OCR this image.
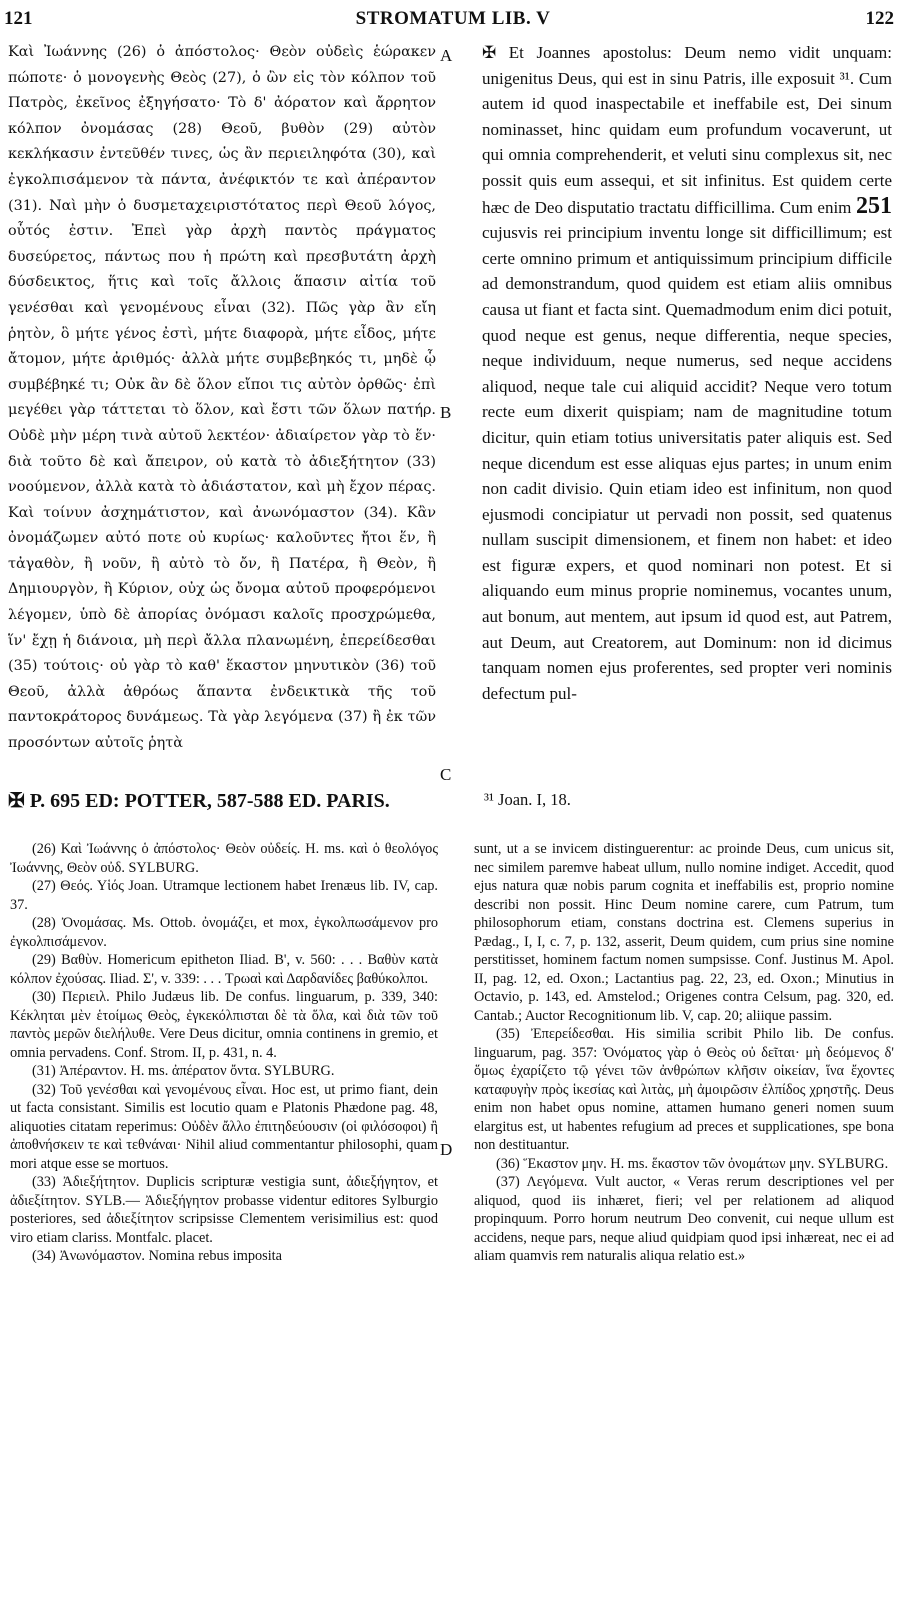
121	STROMATUM LIB. V	122
Καὶ Ἰωάννης (26) ὁ ἀπόστολος· Θεὸν οὐδεὶς ἑώρακεν πώποτε· ὁ μονογενὴς Θεὸς (27), ὁ ὢν εἰς τὸν κόλπον τοῦ Πατρὸς, ἐκεῖνος ἐξηγήσατο· Τὸ δ' ἀόρατον καὶ ἄρρητον κόλπον ὀνομάσας (28) Θεοῦ, βυθὸν (29) αὐτὸν κεκλήκασιν ἐντεῦθέν τινες, ὡς ἂν περιειληφότα (30), καὶ ἐγκολπισάμενον τὰ πάντα, ἀνέφικτόν τε καὶ ἀπέραντον (31). Ναὶ μὴν ὁ δυσμεταχειριστότατος περὶ Θεοῦ λόγος, οὗτός ἐστιν. Ἐπεὶ γὰρ ἀρχὴ παντὸς πράγματος δυσεύρετος, πάντως που ἡ πρώτη καὶ πρεσβυτάτη ἀρχὴ δύσδεικτος, ἥτις καὶ τοῖς ἄλλοις ἅπασιν αἰτία τοῦ γενέσθαι καὶ γενομένους εἶναι (32). Πῶς γὰρ ἂν εἴη ῥητὸν, ὃ μήτε γένος ἐστὶ, μήτε διαφορὰ, μήτε εἶδος, μήτε ἄτομον, μήτε ἀριθμός· ἀλλὰ μήτε συμβεβηκός τι, μηδὲ ᾧ συμβέβηκέ τι; Οὐκ ἂν δὲ ὅλον εἴποι τις αὐτὸν ὀρθῶς· ἐπὶ μεγέθει γὰρ τάττεται τὸ ὅλον, καὶ ἔστι τῶν ὅλων πατήρ. Οὐδὲ μὴν μέρη τινὰ αὐτοῦ λεκτέον· ἀδιαίρετον γὰρ τὸ ἕν· διὰ τοῦτο δὲ καὶ ἄπειρον, οὐ κατὰ τὸ ἀδιεξήτητον (33) νοούμενον, ἀλλὰ κατὰ τὸ ἀδιάστατον, καὶ μὴ ἔχον πέρας. Καὶ τοίνυν ἀσχημάτιστον, καὶ ἀνωνόμαστον (34). Κἂν ὀνομάζωμεν αὐτό ποτε οὐ κυρίως· καλοῦντες ἤτοι ἕν, ἢ τἀγαθὸν, ἢ νοῦν, ἢ αὐτὸ τὸ ὄν, ἢ Πατέρα, ἢ Θεὸν, ἢ Δημιουργὸν, ἢ Κύριον, οὐχ ὡς ὄνομα αὐτοῦ προφερόμενοι λέγομεν, ὑπὸ δὲ ἀπορίας ὀνόμασι καλοῖς προσχρώμεθα, ἵν' ἔχῃ ἡ διάνοια, μὴ περὶ ἄλλα πλανωμένη, ἐπερείδεσθαι (35) τούτοις· οὐ γὰρ τὸ καθ' ἕκαστον μηνυτικὸν (36) τοῦ Θεοῦ, ἀλλὰ ἀθρόως ἅπαντα ἐνδεικτικὰ τῆς τοῦ παντοκράτορος δυνάμεως. Τὰ γὰρ λεγόμενα (37) ἢ ἐκ τῶν προσόντων αὐτοῖς ῥητὰ
✠ Et Joannes apostolus: Deum nemo vidit unquam: unigenitus Deus, qui est in sinu Patris, ille exposuit ³¹. Cum autem id quod inaspectabile et ineffabile est, Dei sinum nominasset, hinc quidam eum profundum vocaverunt, ut qui omnia comprehenderit, et veluti sinu complexus sit, nec possit quis eum assequi, et sit infinitus. Est quidem certe hæc de Deo disputatio tractatu difficillima. Cum enim 251 cujusvis rei principium inventu longe sit difficillimum; est certe omnino primum et antiquissimum principium difficile ad demonstrandum, quod quidem est etiam aliis omnibus causa ut fiant et facta sint. Quemadmodum enim dici potuit, quod neque est genus, neque differentia, neque species, neque individuum, neque numerus, sed neque accidens aliquod, neque tale cui aliquid accidit? Neque vero totum recte eum dixerit quispiam; nam de magnitudine totum dicitur, quin etiam totius universitatis pater aliquis est. Sed neque dicendum est esse aliquas ejus partes; in unum enim non cadit divisio. Quin etiam ideo est infinitum, non quod ejusmodi concipiatur ut pervadi non possit, sed quatenus nullam suscipit dimensionem, et finem non habet: et ideo est figuræ expers, et quod nominari non potest. Et si aliquando eum minus proprie nominemus, vocantes unum, aut bonum, aut mentem, aut ipsum id quod est, aut Patrem, aut Deum, aut Creatorem, aut Dominum: non id dicimus tanquam nomen ejus proferentes, sed propter veri nominis defectum pul-
A
B
C
D
✠ P. 695 ED: POTTER, 587-588 ED. PARIS.	³¹ Joan. I, 18.

(26) Καὶ Ἰωάννης ὁ ἀπόστολος· Θεὸν οὐδείς. H. ms. καὶ ὁ θεολόγος Ἰωάννης, Θεὸν οὐδ. SYLBURG.

(27) Θεός. Υἱός Joan. Utramque lectionem habet Irenæus lib. IV, cap. 37.

(28) Ὀνομάσας. Ms. Ottob. ὀνομάζει, et mox, ἐγκολπωσάμενον pro ἐγκολπισάμενον.

(29) Βαθὺν. Homericum epitheton Iliad. B', v. 560: . . . Βαθὺν κατὰ κόλπον ἐχούσας. Iliad. Σ', v. 339: . . . Τρωαὶ καὶ Δαρδανίδες βαθύκολποι.

(30) Περιειλ. Philo Judæus lib. De confus. linguarum, p. 339, 340: Κέκληται μὲν ἑτοίμως Θεὸς, ἐγκεκόλπισται δὲ τὰ ὅλα, καὶ διὰ τῶν τοῦ παντὸς μερῶν διελήλυθε. Vere Deus dicitur, omnia continens in gremio, et omnia pervadens. Conf. Strom. II, p. 431, n. 4.

(31) Ἀπέραντον. H. ms. ἀπέρατον ὄντα. SYLBURG.

(32) Τοῦ γενέσθαι καὶ γενομένους εἶναι. Hoc est, ut primo fiant, dein ut facta consistant. Similis est locutio quam e Platonis Phædone pag. 48, aliquoties citatam reperimus: Οὐδὲν ἄλλο ἐπιτηδεύουσιν (οἱ φιλόσοφοι) ἢ ἀποθνήσκειν τε καὶ τεθνάναι· Nihil aliud commentantur philosophi, quam mori atque esse se mortuos.

(33) Ἀδιεξήτητον. Duplicis scripturæ vestigia sunt, ἀδιεξήγητον, et ἀδιεξίτητον. SYLB.— Ἀδιεξήγητον probasse videntur editores Sylburgio posteriores, sed ἀδιεξίτητον scripsisse Clementem verisimilius est: quod viro etiam clariss. Montfalc. placet.

(34) Ἀνωνόμαστον. Nomina rebus imposita

sunt, ut a se invicem distinguerentur: ac proinde Deus, cum unicus sit, nec similem paremve habeat ullum, nullo nomine indiget. Accedit, quod ejus natura quæ nobis parum cognita et ineffabilis est, proprio nomine describi non possit. Hinc Deum nomine carere, cum Patrum, tum philosophorum etiam, constans doctrina est. Clemens superius in Pædag., I, I, c. 7, p. 132, asserit, Deum quidem, cum prius sine nomine perstitisset, hominem factum nomen sumpsisse. Conf. Justinus M. Apol. II, pag. 12, ed. Oxon.; Lactantius pag. 22, 23, ed. Oxon.; Minutius in Octavio, p. 143, ed. Amstelod.; Origenes contra Celsum, pag. 320, ed. Cantab.; Auctor Recognitionum lib. V, cap. 20; aliique passim.

(35) Ἐπερείδεσθαι. His similia scribit Philo lib. De confus. linguarum, pag. 357: Ὀνόματος γὰρ ὁ Θεὸς οὐ δεῖται· μὴ δεόμενος δ' ὅμως ἐχαρίζετο τῷ γένει τῶν ἀνθρώπων κλῆσιν οἰκείαν, ἵνα ἔχοντες καταφυγὴν πρὸς ἱκεσίας καὶ λιτὰς, μὴ ἀμοιρῶσιν ἐλπίδος χρηστῆς. Deus enim non habet opus nomine, attamen humano generi nomen suum elargitus est, ut habentes refugium ad preces et supplicationes, spe bona non destituantur.

(36) Ἕκαστον μην. H. ms. ἕκαστον τῶν ὀνομάτων μην. SYLBURG.

(37) Λεγόμενα. Vult auctor, « Veras rerum descriptiones vel per aliquod, quod iis inhæret, fieri; vel per relationem ad aliquod propinquum. Porro horum neutrum Deo convenit, cui neque ullum est accidens, neque pars, neque aliud quidpiam quod ipsi inhæreat, nec ei ad aliam quamvis rem naturalis aliqua relatio est.»
